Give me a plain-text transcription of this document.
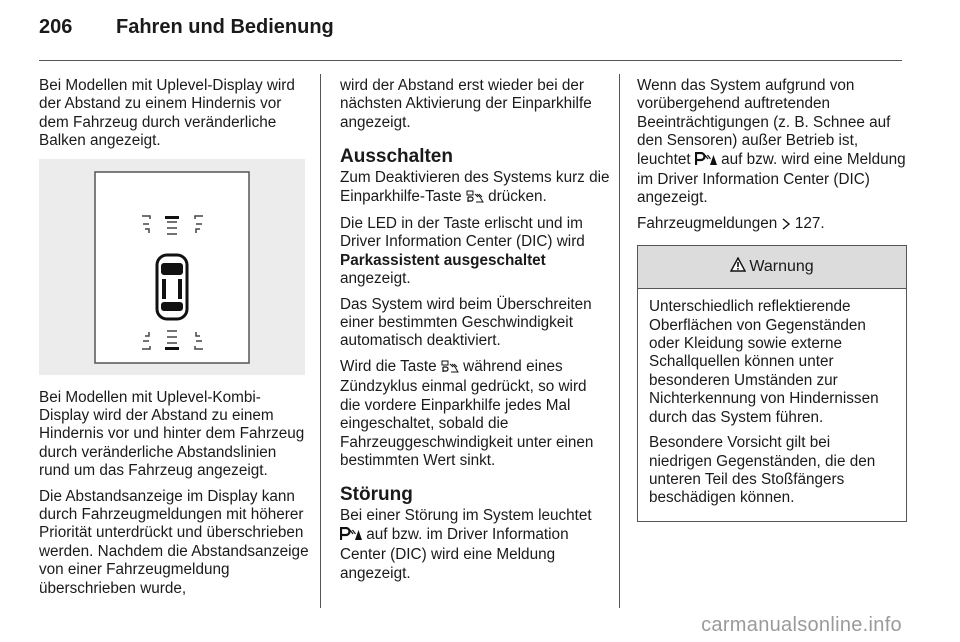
206 Fahren und Bedienung

Bei Modellen mit Uplevel-Display wird der Abstand zu einem Hindernis vor dem Fahrzeug durch veränderliche Balken angezeigt.

Bei Modellen mit Uplevel-Kombi-Display wird der Abstand zu einem Hindernis vor und hinter dem Fahrzeug durch veränderliche Abstandslinien rund um das Fahrzeug angezeigt.

Die Abstandsanzeige im Display kann durch Fahrzeugmeldungen mit höherer Priorität unterdrückt und überschrieben werden. Nachdem die Abstandsanzeige von einer Fahrzeugmeldung überschrieben wurde,

wird der Abstand erst wieder bei der nächsten Aktivierung der Einparkhilfe angezeigt.

Ausschalten

Zum Deaktivieren des Systems kurz die Einparkhilfe-Taste drücken.

Die LED in der Taste erlischt und im Driver Information Center (DIC) wird Parkassistent ausgeschaltet angezeigt.

Das System wird beim Überschreiten einer bestimmten Geschwindigkeit automatisch deaktiviert.

Wird die Taste während eines Zündzyklus einmal gedrückt, so wird die vordere Einparkhilfe jedes Mal eingeschaltet, sobald die Fahrzeuggeschwindigkeit unter einen bestimmten Wert sinkt.

Störung

Bei einer Störung im System leuchtet  auf bzw. im Driver Information Center (DIC) wird eine Meldung angezeigt.

Wenn das System aufgrund von vorübergehend auftretenden Beeinträchtigungen (z. B. Schnee auf den Sensoren) außer Betrieb ist, leuchtet auf bzw. wird eine Meldung im Driver Information Center (DIC) angezeigt.

Fahrzeugmeldungen 127.

Warnung

Unterschiedlich reflektierende Oberflächen von Gegenständen oder Kleidung sowie externe Schallquellen können unter besonderen Umständen zur Nichterkennung von Hindernissen durch das System führen.

Besondere Vorsicht gilt bei niedrigen Gegenständen, die den unteren Teil des Stoßfängers beschädigen können.

carmanualsonline.info
